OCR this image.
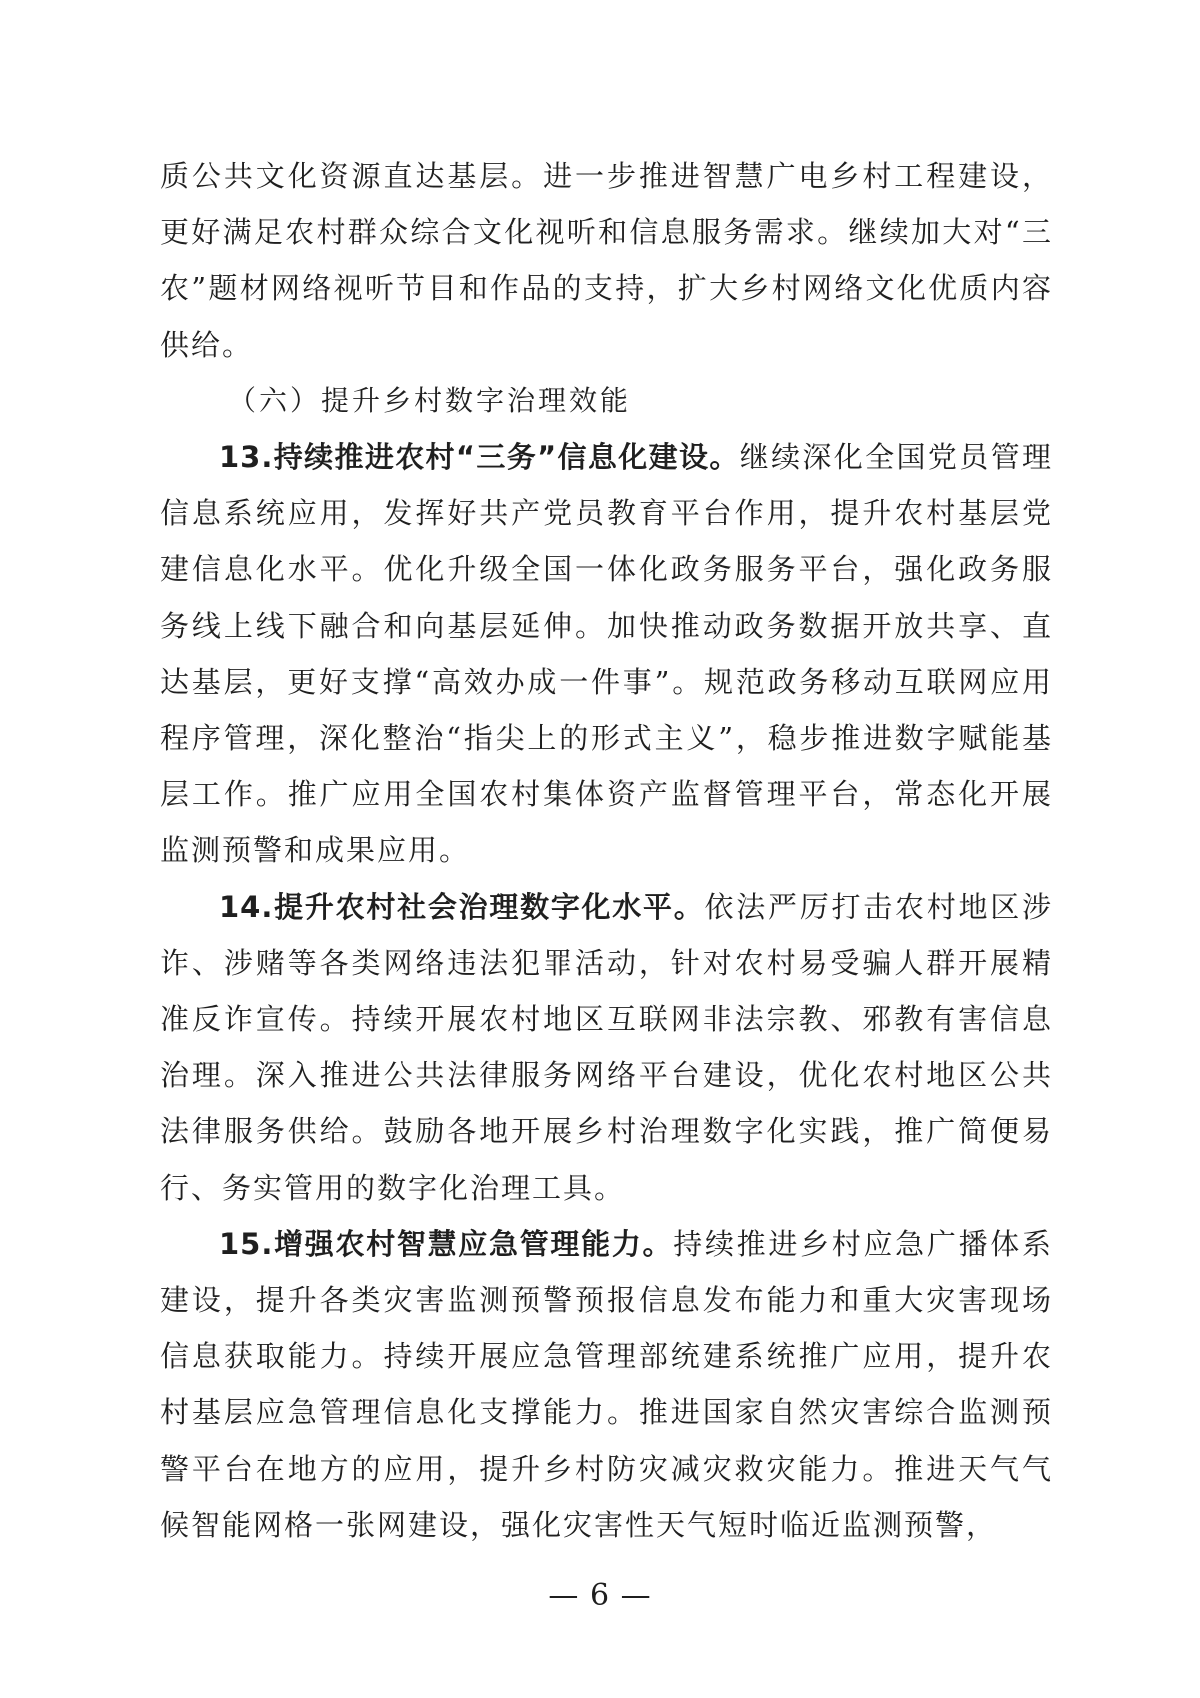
质公共文化资源直达基层。进一步推进智慧广电乡村工程建设，更好满足农村群众综合文化视听和信息服务需求。继续加大对“三农”题材网络视听节目和作品的支持，扩大乡村网络文化优质内容供给。

（六）提升乡村数字治理效能

13.持续推进农村“三务”信息化建设。继续深化全国党员管理信息系统应用，发挥好共产党员教育平台作用，提升农村基层党建信息化水平。优化升级全国一体化政务服务平台，强化政务服务线上线下融合和向基层延伸。加快推动政务数据开放共享、直达基层，更好支撑“高效办成一件事”。规范政务移动互联网应用程序管理，深化整治“指尖上的形式主义”，稳步推进数字赋能基层工作。推广应用全国农村集体资产监督管理平台，常态化开展监测预警和成果应用。

14.提升农村社会治理数字化水平。依法严厉打击农村地区涉诈、涉赌等各类网络违法犯罪活动，针对农村易受骗人群开展精准反诈宣传。持续开展农村地区互联网非法宗教、邪教有害信息治理。深入推进公共法律服务网络平台建设，优化农村地区公共法律服务供给。鼓励各地开展乡村治理数字化实践，推广简便易行、务实管用的数字化治理工具。

15.增强农村智慧应急管理能力。持续推进乡村应急广播体系建设，提升各类灾害监测预警预报信息发布能力和重大灾害现场信息获取能力。持续开展应急管理部统建系统推广应用，提升农村基层应急管理信息化支撑能力。推进国家自然灾害综合监测预警平台在地方的应用，提升乡村防灾减灾救灾能力。推进天气气候智能网格一张网建设，强化灾害性天气短时临近监测预警，

— 6 —
